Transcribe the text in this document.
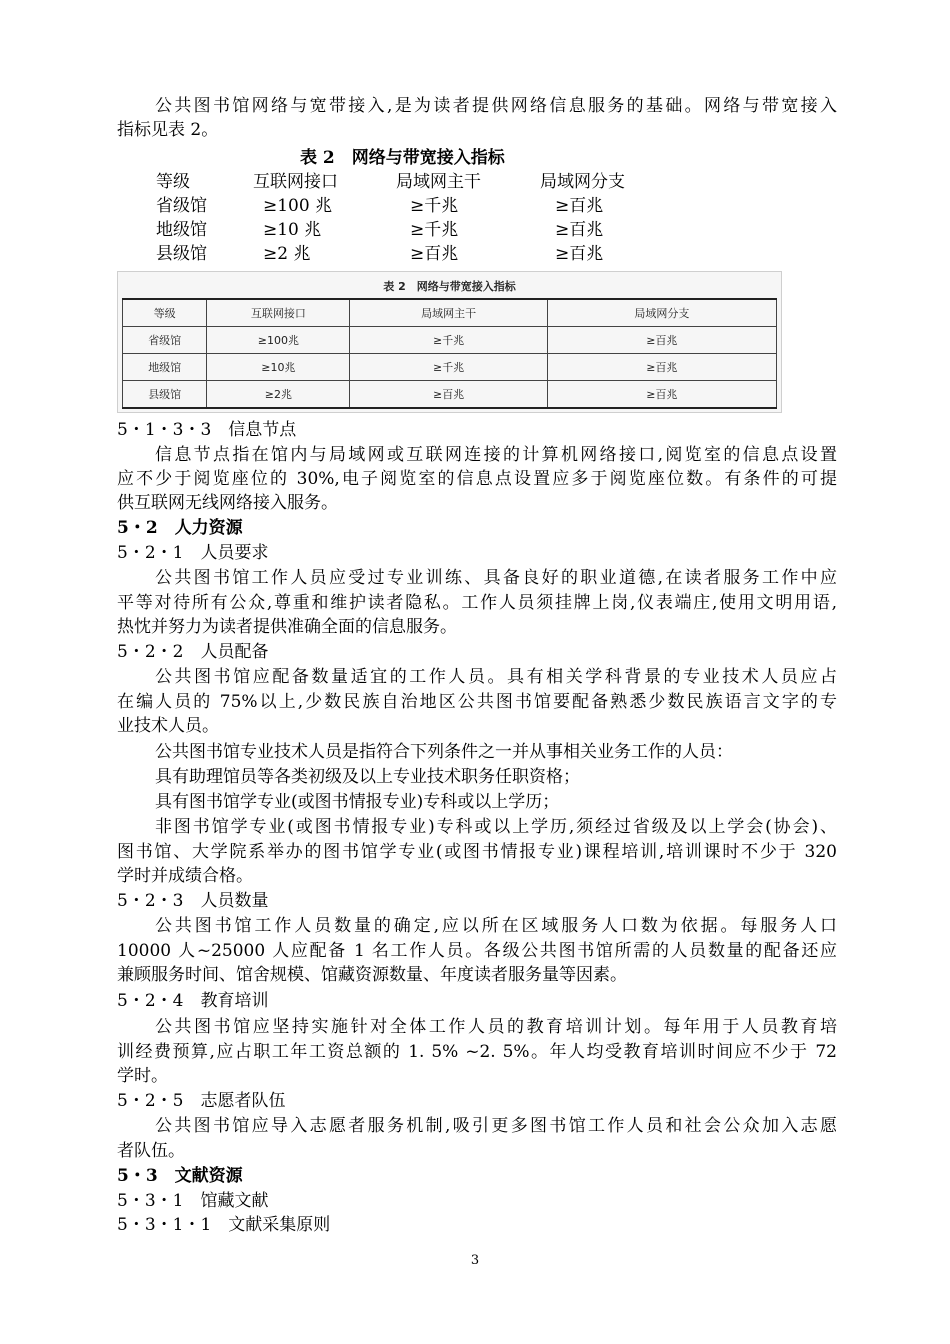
公共图书馆网络与宽带接入,是为读者提供网络信息服务的基础。网络与带宽接入
指标见表 2。
表 2　网络与带宽接入指标
等级	互联网接口	局域网主干	局域网分支
省级馆	≥100 兆	≥千兆	≥百兆
地级馆	≥10 兆	≥千兆	≥百兆
县级馆	≥2 兆	≥百兆	≥百兆
表 2　网络与带宽接入指标
等级	互联网接口	局域网主干	局域网分支
省级馆	≥100兆	≥千兆	≥百兆
地级馆	≥10兆	≥千兆	≥百兆
县级馆	≥2兆	≥百兆	≥百兆
5・1・3・3　信息节点
信息节点指在馆内与局域网或互联网连接的计算机网络接口,阅览室的信息点设置
应不少于阅览座位的 30%,电子阅览室的信息点设置应多于阅览座位数。有条件的可提
供互联网无线网络接入服务。
5・2　人力资源
5・2・1　人员要求
公共图书馆工作人员应受过专业训练、具备良好的职业道德,在读者服务工作中应
平等对待所有公众,尊重和维护读者隐私。工作人员须挂牌上岗,仪表端庄,使用文明用语,
热忱并努力为读者提供准确全面的信息服务。
5・2・2　人员配备
公共图书馆应配备数量适宜的工作人员。具有相关学科背景的专业技术人员应占
在编人员的 75%以上,少数民族自治地区公共图书馆要配备熟悉少数民族语言文字的专
业技术人员。
公共图书馆专业技术人员是指符合下列条件之一并从事相关业务工作的人员：
具有助理馆员等各类初级及以上专业技术职务任职资格；
具有图书馆学专业(或图书情报专业)专科或以上学历；
非图书馆学专业(或图书情报专业)专科或以上学历,须经过省级及以上学会(协会)、
图书馆、大学院系举办的图书馆学专业(或图书情报专业)课程培训,培训课时不少于 320
学时并成绩合格。
5・2・3　人员数量
公共图书馆工作人员数量的确定,应以所在区域服务人口数为依据。每服务人口
10000 人~25000 人应配备 1 名工作人员。各级公共图书馆所需的人员数量的配备还应
兼顾服务时间、馆舍规模、馆藏资源数量、年度读者服务量等因素。
5・2・4　教育培训
公共图书馆应坚持实施针对全体工作人员的教育培训计划。每年用于人员教育培
训经费预算,应占职工年工资总额的 1. 5% ~2. 5%。年人均受教育培训时间应不少于 72
学时。
5・2・5　志愿者队伍
公共图书馆应导入志愿者服务机制,吸引更多图书馆工作人员和社会公众加入志愿
者队伍。
5・3　文献资源
5・3・1　馆藏文献
5・3・1・1　文献采集原则
3
